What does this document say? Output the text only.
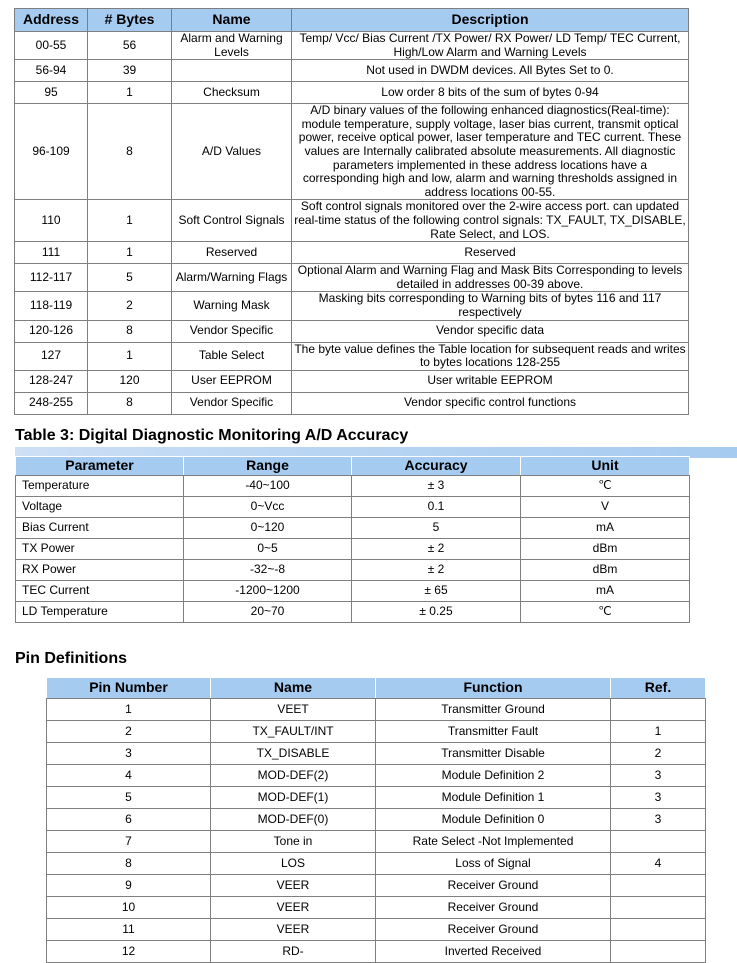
Address	# Bytes	Name	Description
00-55	56	Alarm and Warning Levels	Temp/ Vcc/ Bias Current /TX Power/ RX Power/ LD Temp/ TEC Current, High/Low Alarm and Warning Levels
56-94	39		Not used in DWDM devices. All Bytes Set to 0.
95	1	Checksum	Low order 8 bits of the sum of bytes 0-94
96-109	8	A/D Values	A/D binary values of the following enhanced diagnostics(Real-time): module temperature, supply voltage, laser bias current, transmit optical power, receive optical power, laser temperature and TEC current. These values are Internally calibrated absolute measurements. All diagnostic parameters implemented in these address locations have a corresponding high and low, alarm and warning thresholds assigned in address locations 00-55.
110	1	Soft Control Signals	Soft control signals monitored over the 2-wire access port. can updated real-time status of the following control signals: TX_FAULT, TX_DISABLE, Rate Select, and LOS.
111	1	Reserved	Reserved
112-117	5	Alarm/Warning Flags	Optional Alarm and Warning Flag and Mask Bits Corresponding to levels detailed in addresses 00-39 above.
118-119	2	Warning Mask	Masking bits corresponding to Warning bits of bytes 116 and 117 respectively
120-126	8	Vendor Specific	Vendor specific data
127	1	Table Select	The byte value defines the Table location for subsequent reads and writes to bytes locations 128-255
128-247	120	User EEPROM	User writable EEPROM
248-255	8	Vendor Specific	Vendor specific control functions
Table 3: Digital Diagnostic Monitoring A/D Accuracy
Parameter	Range	Accuracy	Unit
Temperature	-40~100	± 3	℃
Voltage	0~Vcc	0.1	V
Bias Current	0~120	5	mA
TX Power	0~5	± 2	dBm
RX Power	-32~-8	± 2	dBm
TEC Current	-1200~1200	± 65	mA
LD Temperature	20~70	± 0.25	℃
Pin Definitions
Pin Number	Name	Function	Ref.
1	VEET	Transmitter Ground	
2	TX_FAULT/INT	Transmitter Fault	1
3	TX_DISABLE	Transmitter Disable	2
4	MOD-DEF(2)	Module Definition 2	3
5	MOD-DEF(1)	Module Definition 1	3
6	MOD-DEF(0)	Module Definition 0	3
7	Tone in	Rate Select -Not Implemented	
8	LOS	Loss of Signal	4
9	VEER	Receiver Ground	
10	VEER	Receiver Ground	
11	VEER	Receiver Ground	
12	RD-	Inverted Received	
